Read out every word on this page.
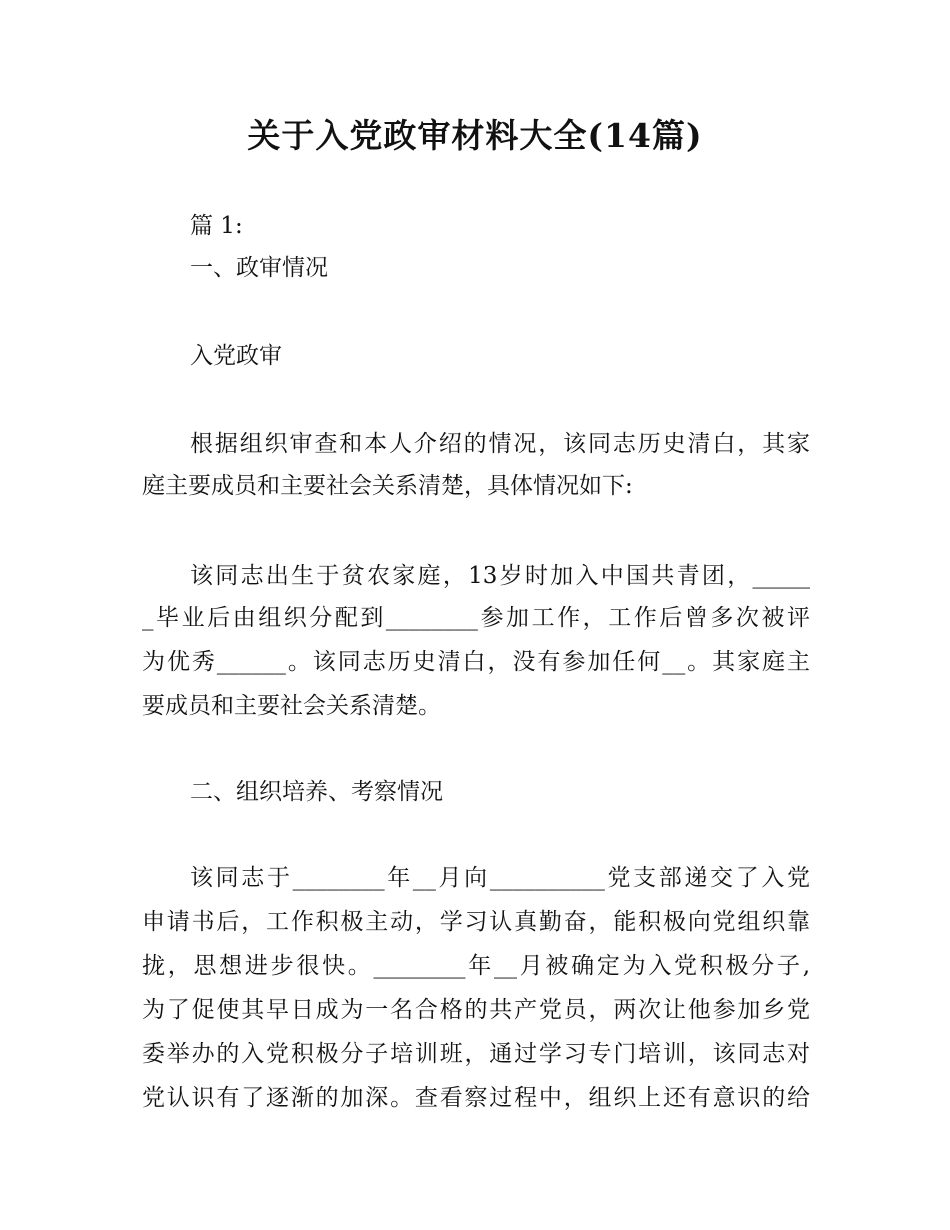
关于入党政审材料大全(14篇)

篇 1:

一、政审情况

入党政审

根据组织审查和本人介绍的情况，该同志历史清白，其家

庭主要成员和主要社会关系清楚，具体情况如下:

该同志出生于贫农家庭，13岁时加入中国共青团，_____

_毕业后由组织分配到________参加工作，工作后曾多次被评

为优秀______。该同志历史清白，没有参加任何__。其家庭主

要成员和主要社会关系清楚。

二、组织培养、考察情况

该同志于________年__月向__________党支部递交了入党

申请书后，工作积极主动，学习认真勤奋，能积极向党组织靠

拢，思想进步很快。________年__月被确定为入党积极分子,

为了促使其早日成为一名合格的共产党员，两次让他参加乡党

委举办的入党积极分子培训班，通过学习专门培训，该同志对

党认识有了逐渐的加深。查看察过程中，组织上还有意识的给
